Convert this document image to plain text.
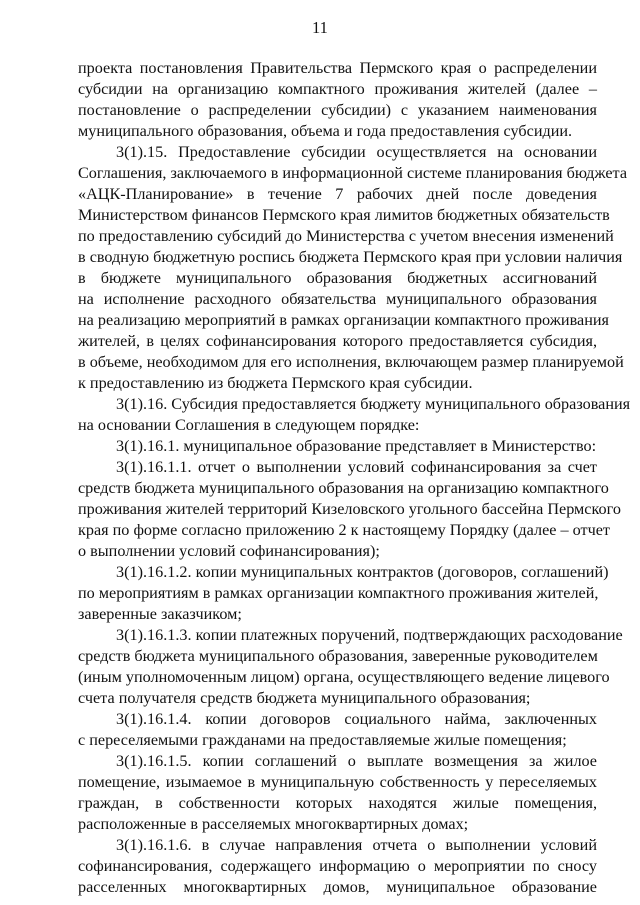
11
проекта постановления Правительства Пермского края о распределении
субсидии на организацию компактного проживания жителей (далее –
постановление о распределении субсидии) с указанием наименования
муниципального образования, объема и года предоставления субсидии.
3(1).15. Предоставление субсидии осуществляется на основании
Соглашения, заключаемого в информационной системе планирования бюджета
«АЦК-Планирование» в течение 7 рабочих дней после доведения
Министерством финансов Пермского края лимитов бюджетных обязательств
по предоставлению субсидий до Министерства с учетом внесения изменений
в сводную бюджетную роспись бюджета Пермского края при условии наличия
в бюджете муниципального образования бюджетных ассигнований
на исполнение расходного обязательства муниципального образования
на реализацию мероприятий в рамках организации компактного проживания
жителей, в целях софинансирования которого предоставляется субсидия,
в объеме, необходимом для его исполнения, включающем размер планируемой
к предоставлению из бюджета Пермского края субсидии.
3(1).16. Субсидия предоставляется бюджету муниципального образования
на основании Соглашения в следующем порядке:
3(1).16.1. муниципальное образование представляет в Министерство:
3(1).16.1.1. отчет о выполнении условий софинансирования за счет
средств бюджета муниципального образования на организацию компактного
проживания жителей территорий Кизеловского угольного бассейна Пермского
края по форме согласно приложению 2 к настоящему Порядку (далее – отчет
о выполнении условий софинансирования);
3(1).16.1.2. копии муниципальных контрактов (договоров, соглашений)
по мероприятиям в рамках организации компактного проживания жителей,
заверенные заказчиком;
3(1).16.1.3. копии платежных поручений, подтверждающих расходование
средств бюджета муниципального образования, заверенные руководителем
(иным уполномоченным лицом) органа, осуществляющего ведение лицевого
счета получателя средств бюджета муниципального образования;
3(1).16.1.4. копии договоров социального найма, заключенных
с переселяемыми гражданами на предоставляемые жилые помещения;
3(1).16.1.5. копии соглашений о выплате возмещения за жилое
помещение, изымаемое в муниципальную собственность у переселяемых
граждан, в собственности которых находятся жилые помещения,
расположенные в расселяемых многоквартирных домах;
3(1).16.1.6. в случае направления отчета о выполнении условий
софинансирования, содержащего информацию о мероприятии по сносу
расселенных многоквартирных домов, муниципальное образование
